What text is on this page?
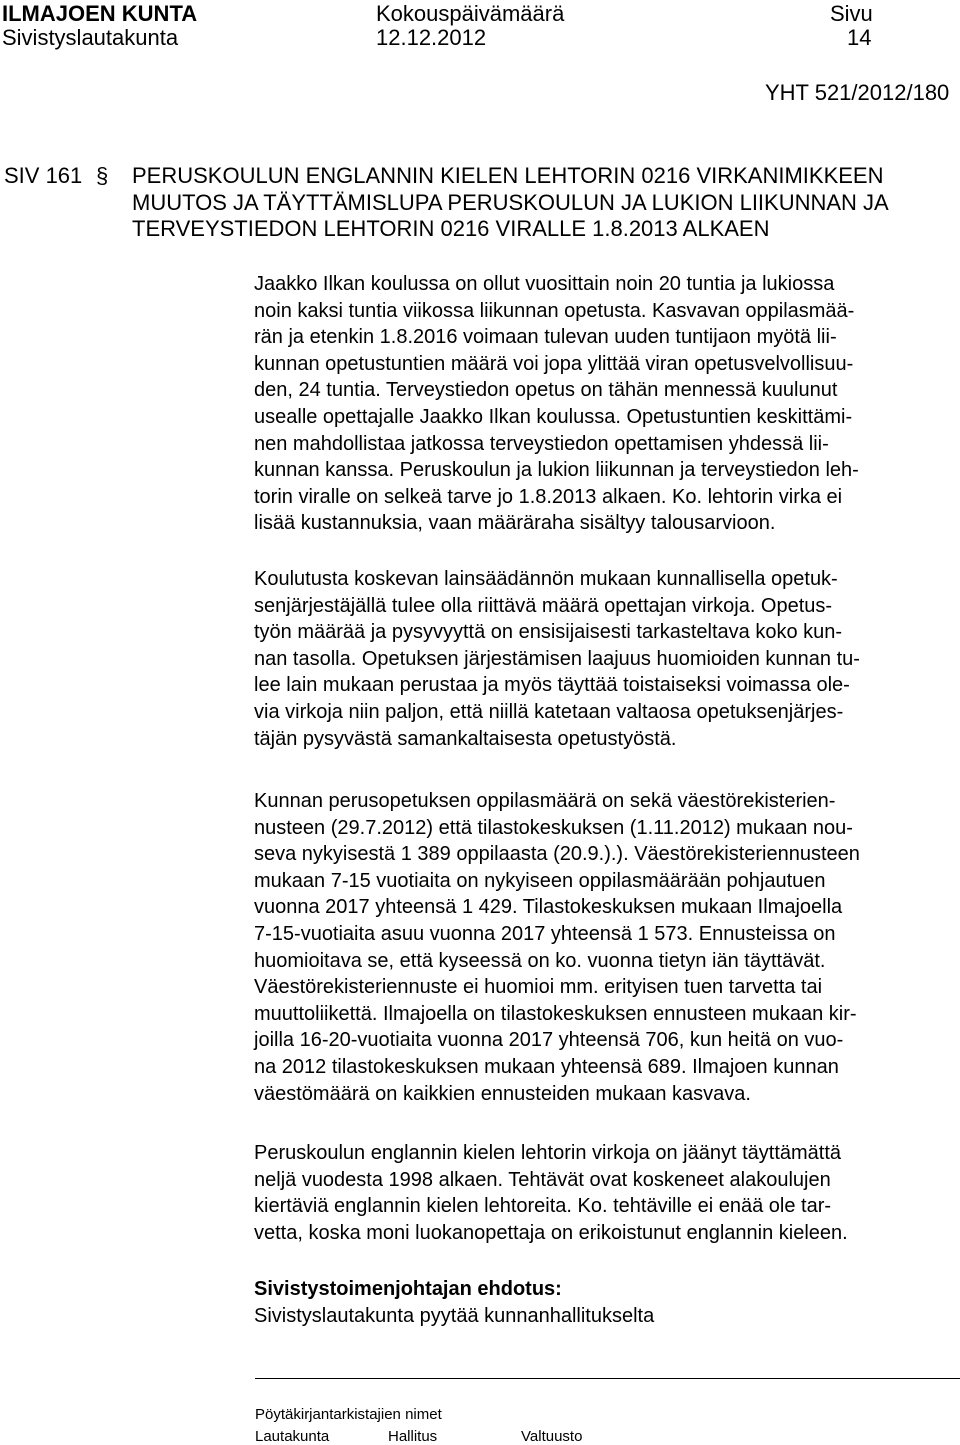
ILMAJOEN KUNTA
Sivistyslautakunta
Kokouspäivämäärä
12.12.2012
Sivu
14
YHT 521/2012/180
SIV 161 § PERUSKOULUN ENGLANNIN KIELEN LEHTORIN 0216 VIRKANIMIKKEEN
MUUTOS JA TÄYTTÄMISLUPA PERUSKOULUN JA LUKION LIIKUNNAN JA
TERVEYSTIEDON LEHTORIN 0216 VIRALLE 1.8.2013 ALKAEN
Jaakko Ilkan koulussa on ollut vuosittain noin 20 tuntia ja lukiossa
noin kaksi tuntia viikossa liikunnan opetusta. Kasvavan oppilasmää-
rän ja etenkin 1.8.2016 voimaan tulevan uuden tuntijaon myötä lii-
kunnan opetustuntien määrä voi jopa ylittää viran opetusvelvollisuu-
den, 24 tuntia. Terveystiedon opetus on tähän mennessä kuulunut
usealle opettajalle Jaakko Ilkan koulussa. Opetustuntien keskittämi-
nen mahdollistaa jatkossa terveystiedon opettamisen yhdessä lii-
kunnan kanssa. Peruskoulun ja lukion liikunnan ja terveystiedon leh-
torin viralle on selkeä tarve jo 1.8.2013 alkaen. Ko. lehtorin virka ei
lisää kustannuksia, vaan määräraha sisältyy talousarvioon.
Koulutusta koskevan lainsäädännön mukaan kunnallisella opetuk-
senjärjestäjällä tulee olla riittävä määrä opettajan virkoja. Opetus-
työn määrää ja pysyvyyttä on ensisijaisesti tarkasteltava koko kun-
nan tasolla. Opetuksen järjestämisen laajuus huomioiden kunnan tu-
lee lain mukaan perustaa ja myös täyttää toistaiseksi voimassa ole-
via virkoja niin paljon, että niillä katetaan valtaosa opetuksenjärjes-
täjän pysyvästä samankaltaisesta opetustyöstä.
Kunnan perusopetuksen oppilasmäärä on sekä väestörekisterien-
nusteen (29.7.2012) että tilastokeskuksen (1.11.2012) mukaan nou-
seva nykyisestä 1 389 oppilaasta (20.9.).). Väestörekisteriennusteen
mukaan 7-15 vuotiaita on nykyiseen oppilasmäärään pohjautuen
vuonna 2017 yhteensä 1 429. Tilastokeskuksen mukaan Ilmajoella
7-15-vuotiaita asuu vuonna 2017 yhteensä 1 573. Ennusteissa on
huomioitava se, että kyseessä on ko. vuonna tietyn iän täyttävät.
Väestörekisteriennuste ei huomioi mm. erityisen tuen tarvetta tai
muuttoliikettä. Ilmajoella on tilastokeskuksen ennusteen mukaan kir-
joilla 16-20-vuotiaita vuonna 2017 yhteensä 706, kun heitä on vuo-
na 2012 tilastokeskuksen mukaan yhteensä 689. Ilmajoen kunnan
väestömäärä on kaikkien ennusteiden mukaan kasvava.
Peruskoulun englannin kielen lehtorin virkoja on jäänyt täyttämättä
neljä vuodesta 1998 alkaen. Tehtävät ovat koskeneet alakoulujen
kiertäviä englannin kielen lehtoreita. Ko. tehtäville ei enää ole tar-
vetta, koska moni luokanopettaja on erikoistunut englannin kieleen.
Sivistystoimenjohtajan ehdotus:
Sivistyslautakunta pyytää kunnanhallitukselta
Pöytäkirjantarkistajien nimet
Lautakunta	Hallitus	Valtuusto
